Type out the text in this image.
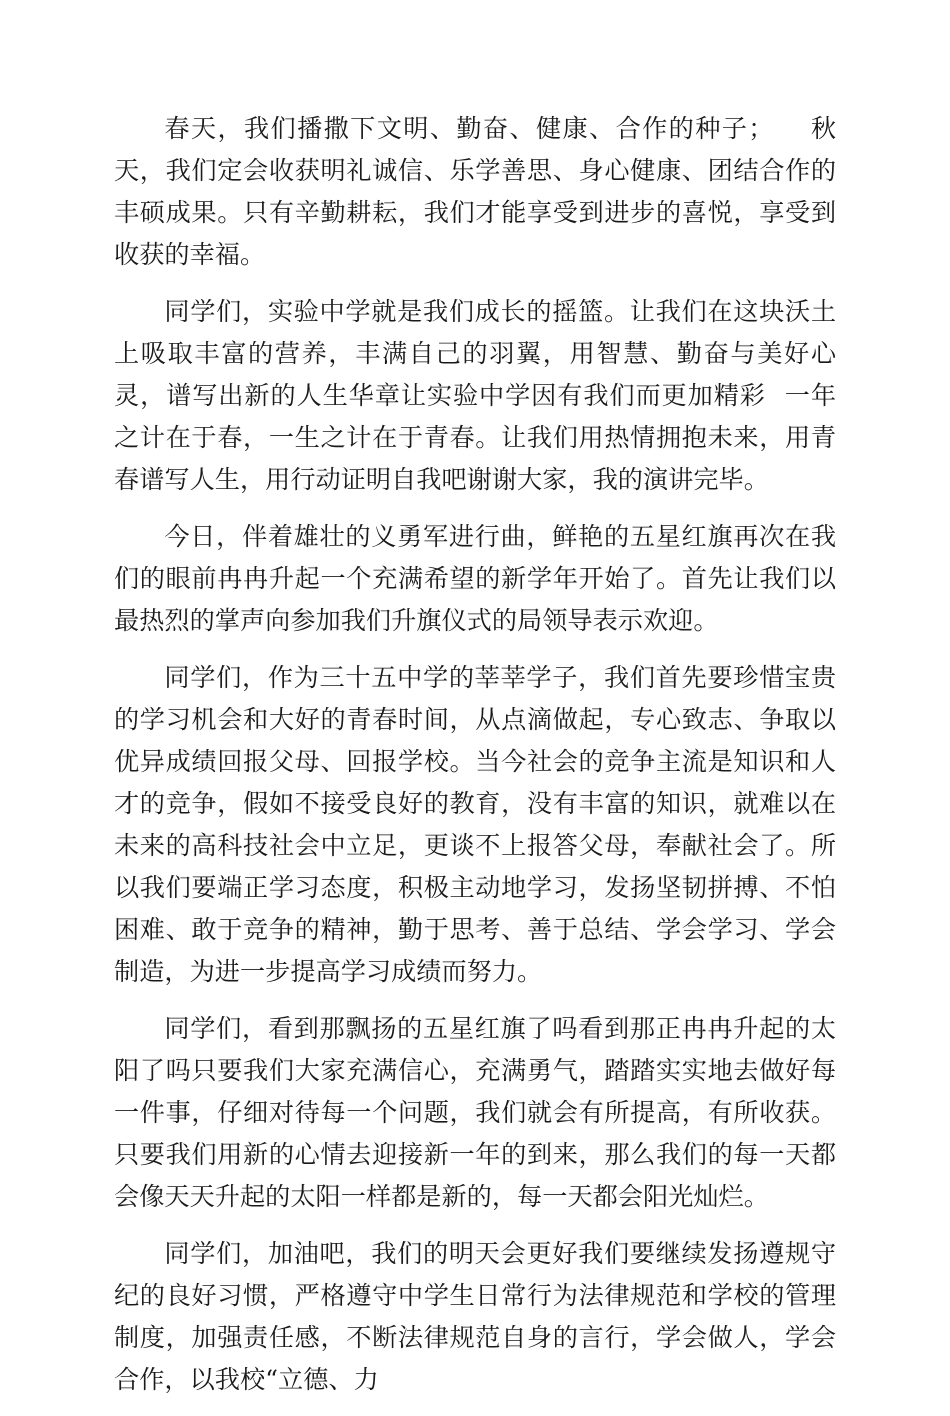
春天，我们播撒下文明、勤奋、健康、合作的种子； 秋天，我们定会收获明礼诚信、乐学善思、身心健康、团结合作的丰硕成果。只有辛勤耕耘，我们才能享受到进步的喜悦，享受到收获的幸福。

同学们，实验中学就是我们成长的摇篮。让我们在这块沃土上吸取丰富的营养，丰满自己的羽翼，用智慧、勤奋与美好心灵，谱写出新的人生华章让实验中学因有我们而更加精彩 一年之计在于春，一生之计在于青春。让我们用热情拥抱未来，用青春谱写人生，用行动证明自我吧谢谢大家，我的演讲完毕。

今日，伴着雄壮的义勇军进行曲，鲜艳的五星红旗再次在我们的眼前冉冉升起一个充满希望的新学年开始了。首先让我们以最热烈的掌声向参加我们升旗仪式的局领导表示欢迎。

同学们，作为三十五中学的莘莘学子，我们首先要珍惜宝贵的学习机会和大好的青春时间，从点滴做起，专心致志、争取以优异成绩回报父母、回报学校。当今社会的竞争主流是知识和人才的竞争，假如不接受良好的教育，没有丰富的知识，就难以在未来的高科技社会中立足，更谈不上报答父母，奉献社会了。所以我们要端正学习态度，积极主动地学习，发扬坚韧拼搏、不怕困难、敢于竞争的精神，勤于思考、善于总结、学会学习、学会制造，为进一步提高学习成绩而努力。

同学们，看到那飘扬的五星红旗了吗看到那正冉冉升起的太阳了吗只要我们大家充满信心，充满勇气，踏踏实实地去做好每一件事，仔细对待每一个问题，我们就会有所提高，有所收获。只要我们用新的心情去迎接新一年的到来，那么我们的每一天都会像天天升起的太阳一样都是新的，每一天都会阳光灿烂。

同学们，加油吧，我们的明天会更好我们要继续发扬遵规守纪的良好习惯，严格遵守中学生日常行为法律规范和学校的管理制度，加强责任感，不断法律规范自身的言行，学会做人，学会合作，以我校“立德、力
